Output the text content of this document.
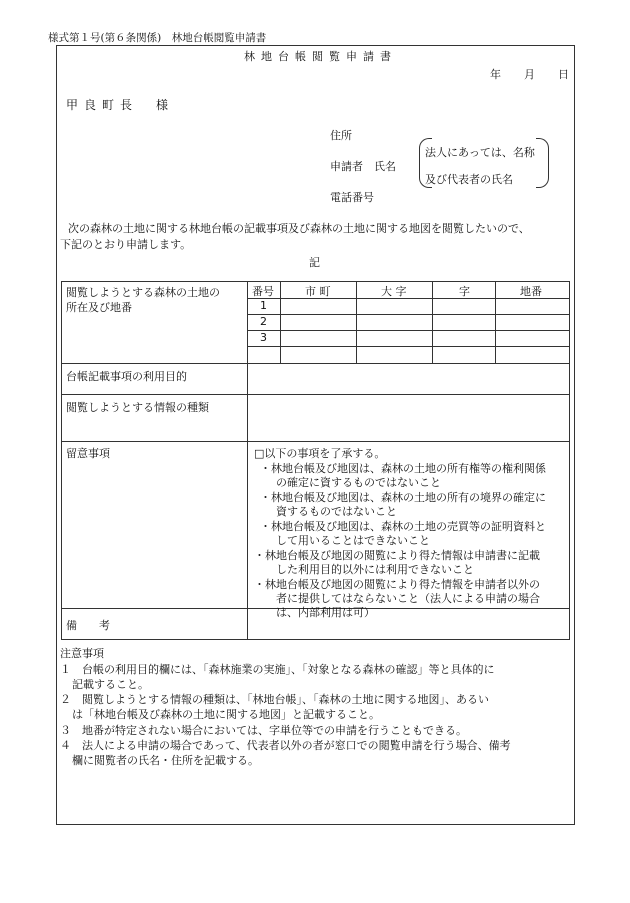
様式第１号(第６条関係)　林地台帳閲覧申請書
林地台帳閲覧申請書
年 月 日
甲良町長　様
住所
申請者　氏名
電話番号
法人にあっては、名称
及び代表者の氏名
次の森林の土地に関する林地台帳の記載事項及び森林の土地に関する地図を閲覧したいので、
下記のとおり申請します。
記
閲覧しようとする森林の土地の
所在及び地番
番号	市 町	大 字	字	地番
1
2
3
台帳記載事項の利用目的
閲覧しようとする情報の種類
留意事項	□以下の事項を了承する。
・林地台帳及び地図は、森林の土地の所有権等の権利関係
の確定に資するものではないこと
・林地台帳及び地図は、森林の土地の所有の境界の確定に
資するものではないこと
・林地台帳及び地図は、森林の土地の売買等の証明資料と
して用いることはできないこと
・林地台帳及び地図の閲覧により得た情報は申請書に記載
した利用目的以外には利用できないこと
・林地台帳及び地図の閲覧により得た情報を申請者以外の
者に提供してはならないこと（法人による申請の場合
は、内部利用は可）
備　　考
注意事項
１　台帳の利用目的欄には、「森林施業の実施」、「対象となる森林の確認」等と具体的に
記載すること。
２　閲覧しようとする情報の種類は、「林地台帳」、「森林の土地に関する地図」、あるい
は「林地台帳及び森林の土地に関する地図」と記載すること。
３　地番が特定されない場合においては、字単位等での申請を行うこともできる。
４　法人による申請の場合であって、代表者以外の者が窓口での閲覧申請を行う場合、備考
欄に閲覧者の氏名・住所を記載する。
